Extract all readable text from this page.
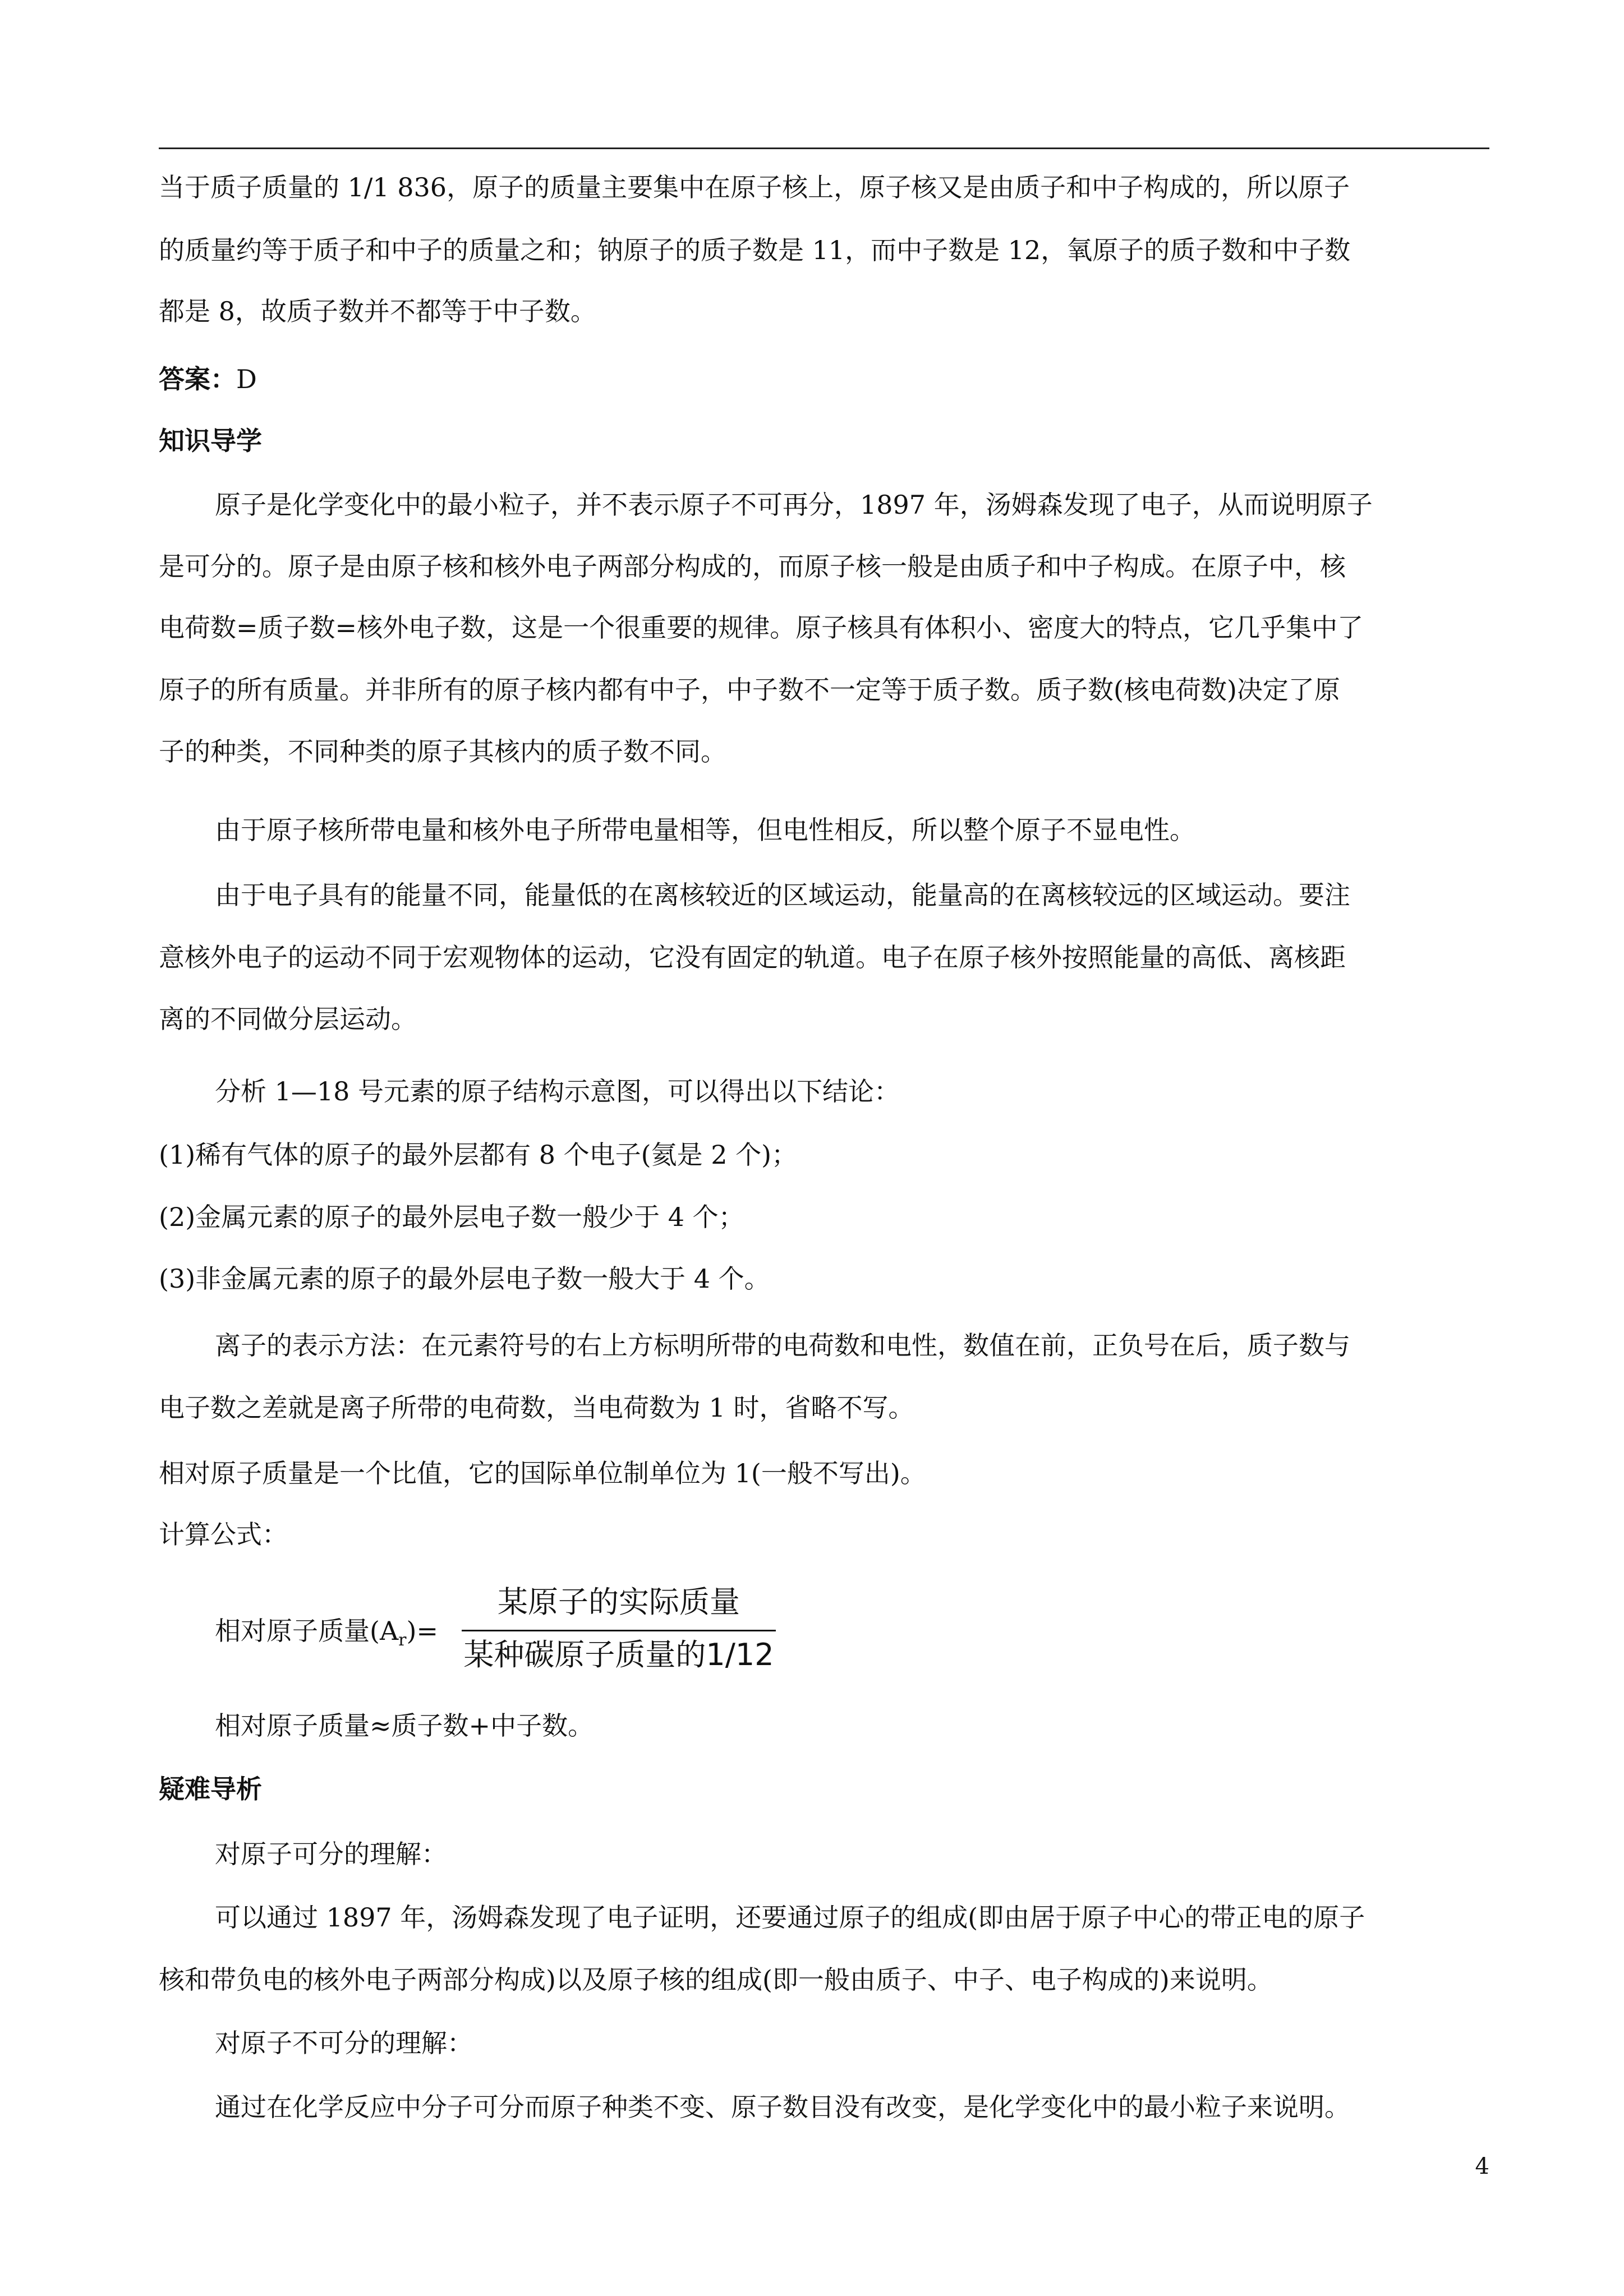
当于质子质量的 1/1 836，原子的质量主要集中在原子核上，原子核又是由质子和中子构成的，所以原子
的质量约等于质子和中子的质量之和；钠原子的质子数是 11，而中子数是 12，氧原子的质子数和中子数
都是 8，故质子数并不都等于中子数。
答案：D
知识导学
原子是化学变化中的最小粒子，并不表示原子不可再分，1897 年，汤姆森发现了电子，从而说明原子
是可分的。原子是由原子核和核外电子两部分构成的，而原子核一般是由质子和中子构成。在原子中，核
电荷数=质子数=核外电子数，这是一个很重要的规律。原子核具有体积小、密度大的特点，它几乎集中了
原子的所有质量。并非所有的原子核内都有中子，中子数不一定等于质子数。质子数(核电荷数)决定了原
子的种类，不同种类的原子其核内的质子数不同。
由于原子核所带电量和核外电子所带电量相等，但电性相反，所以整个原子不显电性。
由于电子具有的能量不同，能量低的在离核较近的区域运动，能量高的在离核较远的区域运动。要注
意核外电子的运动不同于宏观物体的运动，它没有固定的轨道。电子在原子核外按照能量的高低、离核距
离的不同做分层运动。
分析 1—18 号元素的原子结构示意图，可以得出以下结论：
(1)稀有气体的原子的最外层都有 8 个电子(氦是 2 个)；
(2)金属元素的原子的最外层电子数一般少于 4 个；
(3)非金属元素的原子的最外层电子数一般大于 4 个。
离子的表示方法：在元素符号的右上方标明所带的电荷数和电性，数值在前，正负号在后，质子数与
电子数之差就是离子所带的电荷数，当电荷数为 1 时，省略不写。
相对原子质量是一个比值，它的国际单位制单位为 1(一般不写出)。
计算公式：
相对原子质量$(A_r)=$
某原子的实际质量
某种碳原子质量的1/12
相对原子质量≈质子数+中子数。
疑难导析
对原子可分的理解：
可以通过 1897 年，汤姆森发现了电子证明，还要通过原子的组成(即由居于原子中心的带正电的原子
核和带负电的核外电子两部分构成)以及原子核的组成(即一般由质子、中子、电子构成的)来说明。
对原子不可分的理解：
通过在化学反应中分子可分而原子种类不变、原子数目没有改变，是化学变化中的最小粒子来说明。
4
